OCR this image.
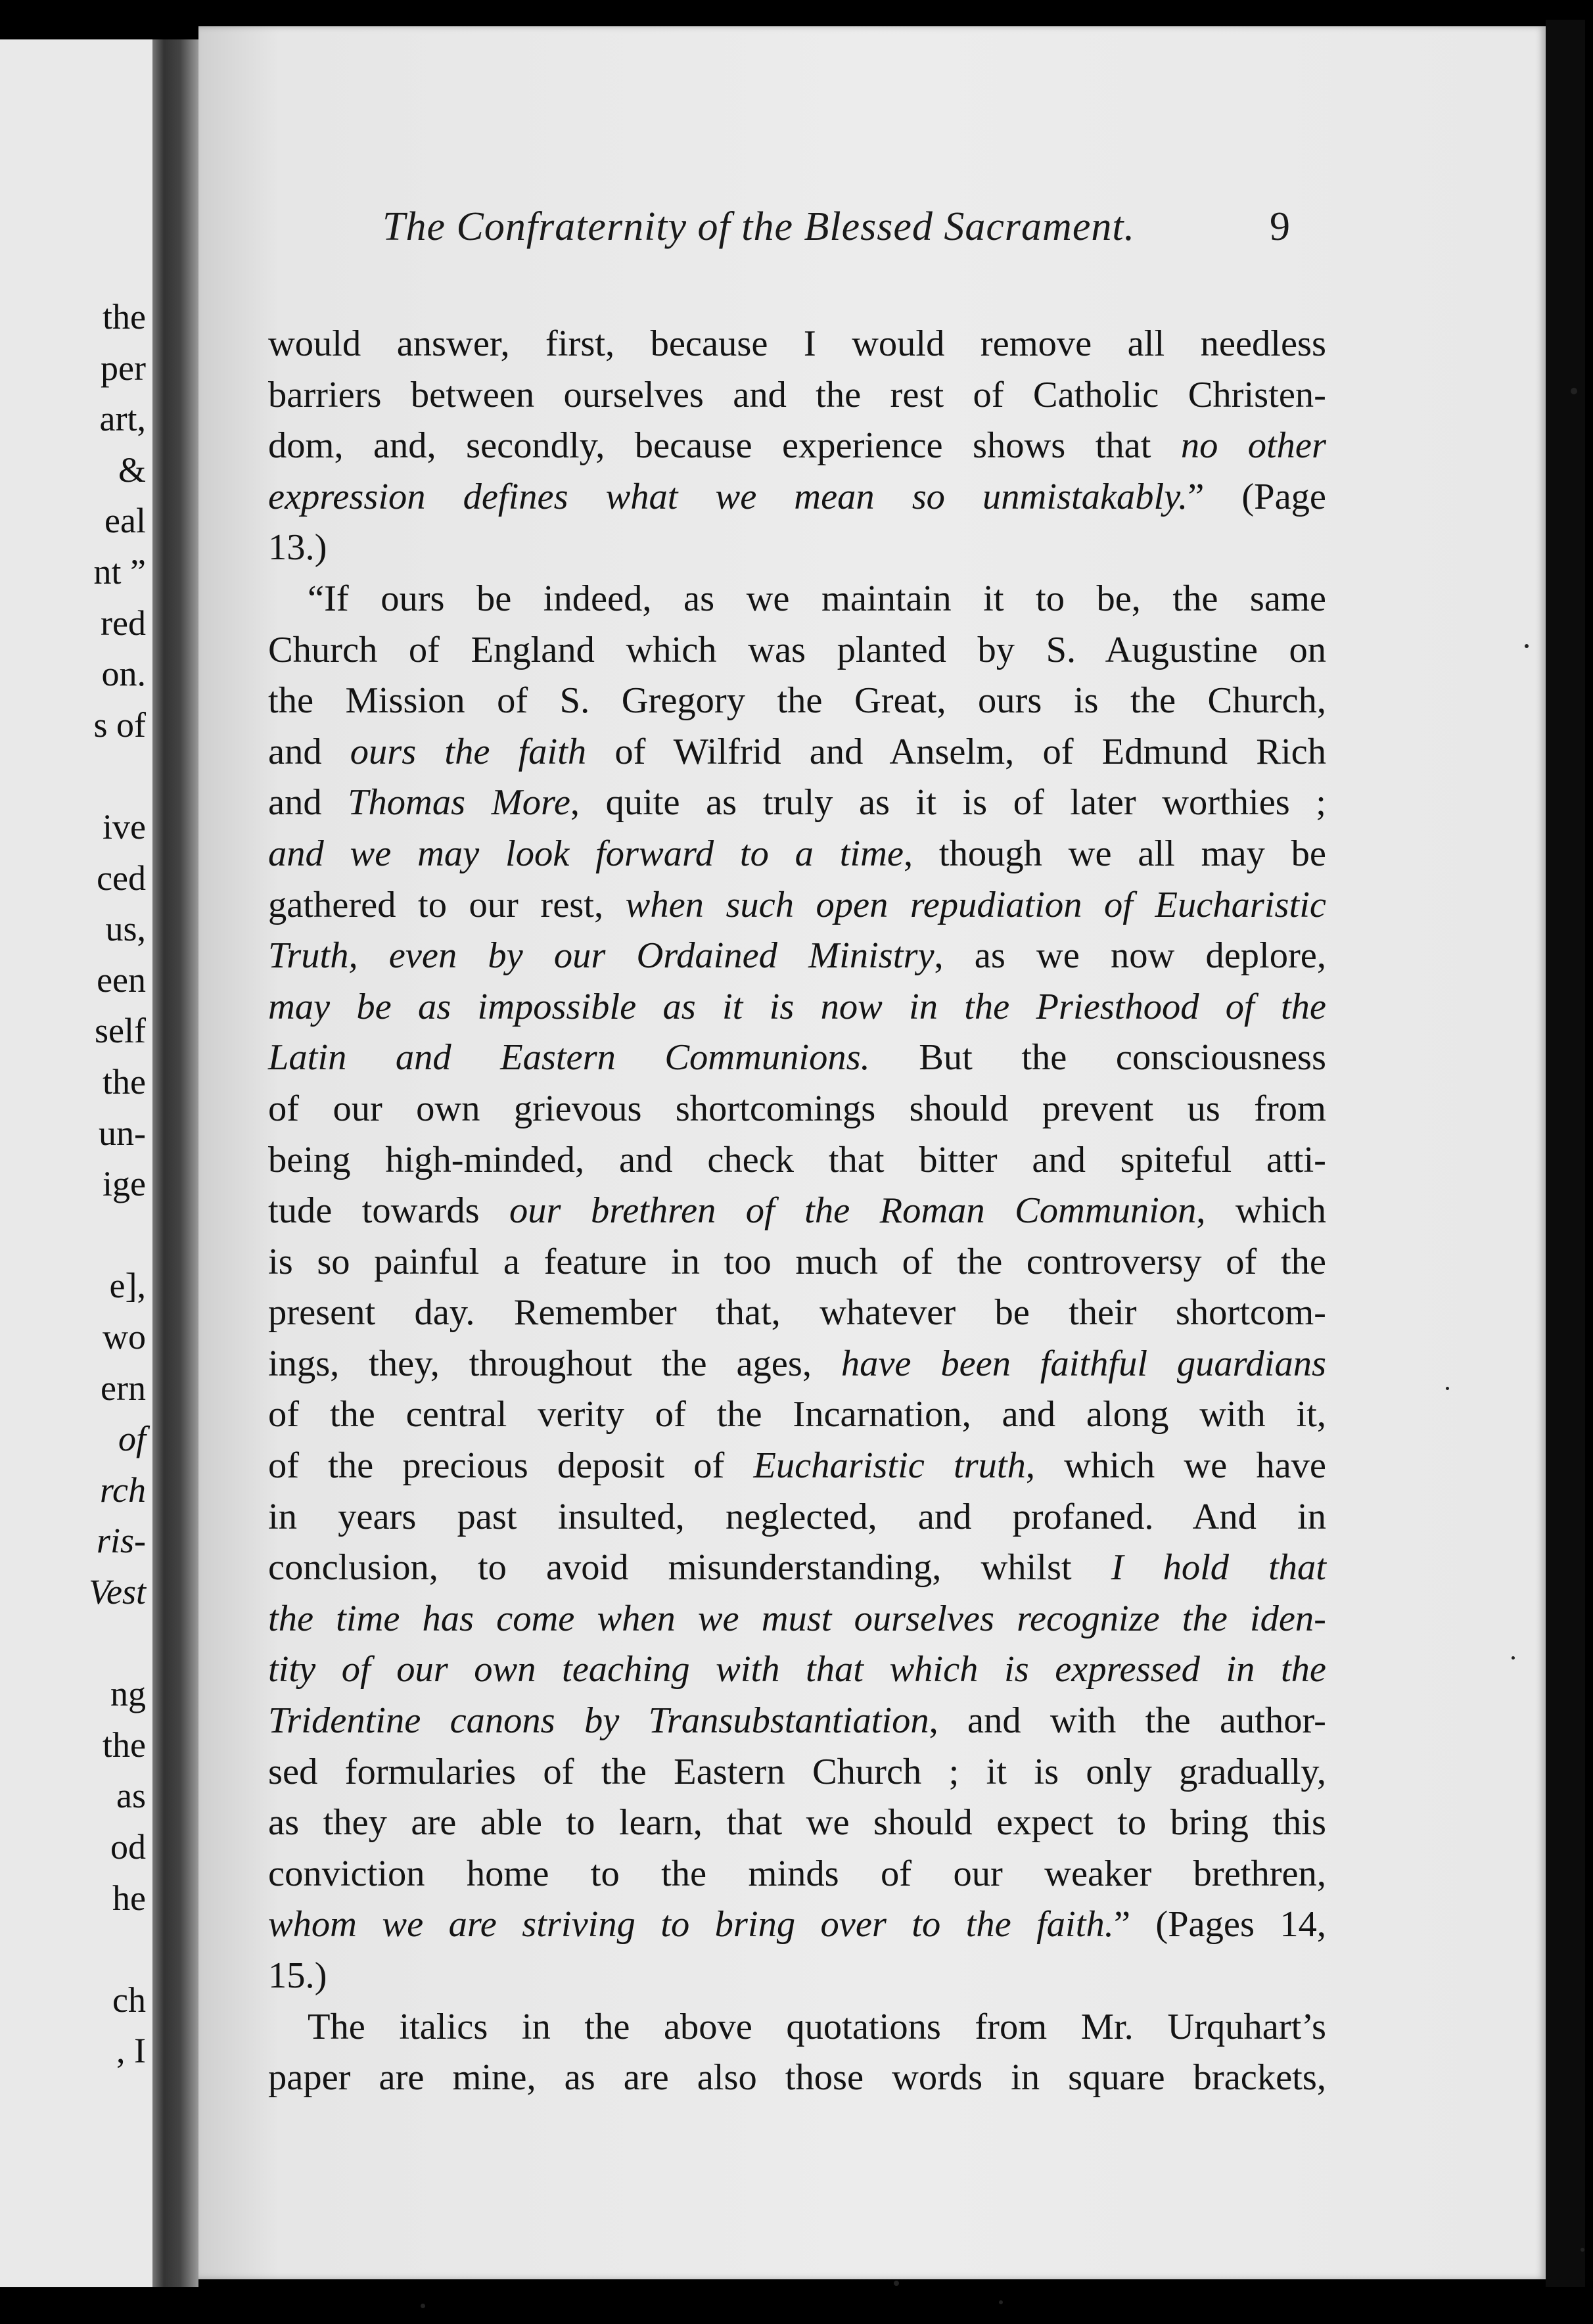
the
per
art,
&
eal
nt ”
red
on.
s of
ive
ced
us,
een
self
the
un-
ige
e],
wo
ern
of
rch
ris-
Vest
ng
the
as
od
he
ch
, I
The Confraternity of the Blessed Sacrament.	9
would answer, first, because I would remove all needless
barriers between ourselves and the rest of Catholic Christen-
dom, and, secondly, because experience shows that no other
expression defines what we mean so unmistakably.” (Page
13.)
“If ours be indeed, as we maintain it to be, the same
Church of England which was planted by S. Augustine on
the Mission of S. Gregory the Great, ours is the Church,
and ours the faith of Wilfrid and Anselm, of Edmund Rich
and Thomas More, quite as truly as it is of later worthies ;
and we may look forward to a time, though we all may be
gathered to our rest, when such open repudiation of Eucharistic
Truth, even by our Ordained Ministry, as we now deplore,
may be as impossible as it is now in the Priesthood of the
Latin and Eastern Communions. But the consciousness
of our own grievous shortcomings should prevent us from
being high-minded, and check that bitter and spiteful atti-
tude towards our brethren of the Roman Communion, which
is so painful a feature in too much of the controversy of the
present day. Remember that, whatever be their shortcom-
ings, they, throughout the ages, have been faithful guardians
of the central verity of the Incarnation, and along with it,
of the precious deposit of Eucharistic truth, which we have
in years past insulted, neglected, and profaned. And in
conclusion, to avoid misunderstanding, whilst I hold that
the time has come when we must ourselves recognize the iden-
tity of our own teaching with that which is expressed in the
Tridentine canons by Transubstantiation, and with the author-
sed formularies of the Eastern Church ; it is only gradually,
as they are able to learn, that we should expect to bring this
conviction home to the minds of our weaker brethren,
whom we are striving to bring over to the faith.” (Pages 14,
15.)
The italics in the above quotations from Mr. Urquhart’s
paper are mine, as are also those words in square brackets,
